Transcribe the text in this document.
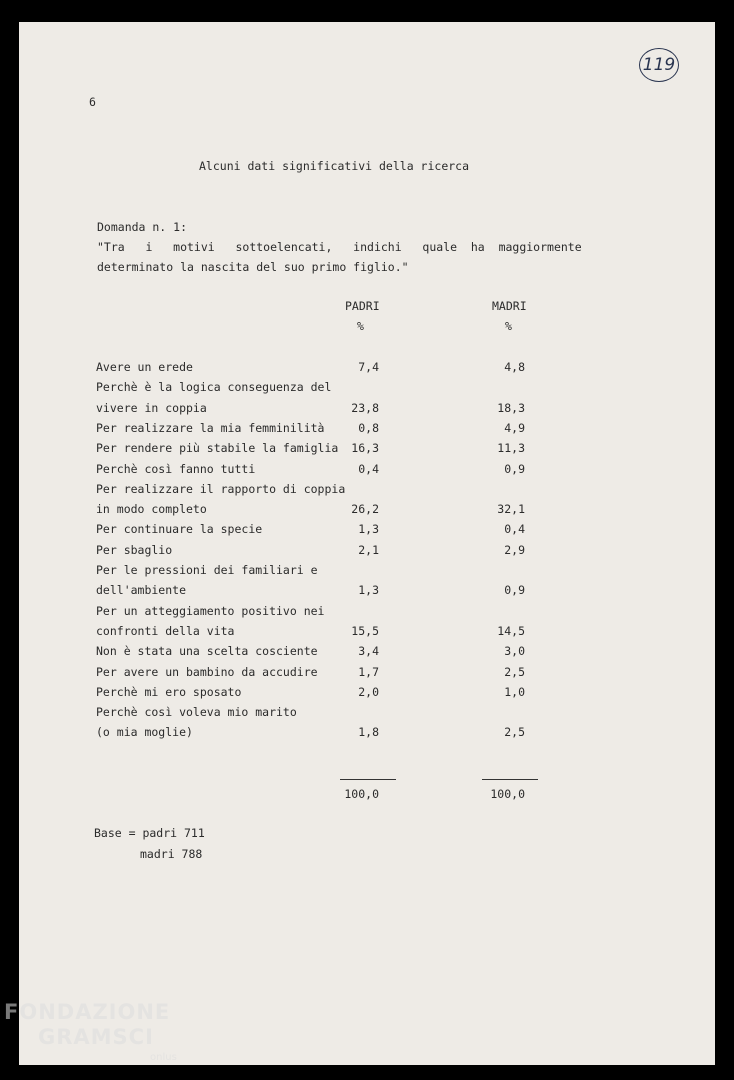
6
119
Alcuni dati significativi della ricerca
Domanda n. 1:
"Tra   i   motivi   sottoelencati,   indichi   quale  ha  maggiormente
determinato la nascita del suo primo figlio."
PADRI	MADRI
%	%
Avere un erede	7,4	4,8
Perchè è la logica conseguenza del
vivere in coppia	23,8	18,3
Per realizzare la mia femminilità	0,8	4,9
Per rendere più stabile la famiglia	16,3	11,3
Perchè così fanno tutti	0,4	0,9
Per realizzare il rapporto di coppia
in modo completo	26,2	32,1
Per continuare la specie	1,3	0,4
Per sbaglio	2,1	2,9
Per le pressioni dei familiari e
dell'ambiente	1,3	0,9
Per un atteggiamento positivo nei
confronti della vita	15,5	14,5
Non è stata una scelta cosciente	3,4	3,0
Per avere un bambino da accudire	1,7	2,5
Perchè mi ero sposato	2,0	1,0
Perchè così voleva mio marito
(o mia moglie)	1,8	2,5
100,0	100,0
Base = padri 711
madri 788
FONDAZIONE
GRAMSCI
onlus
